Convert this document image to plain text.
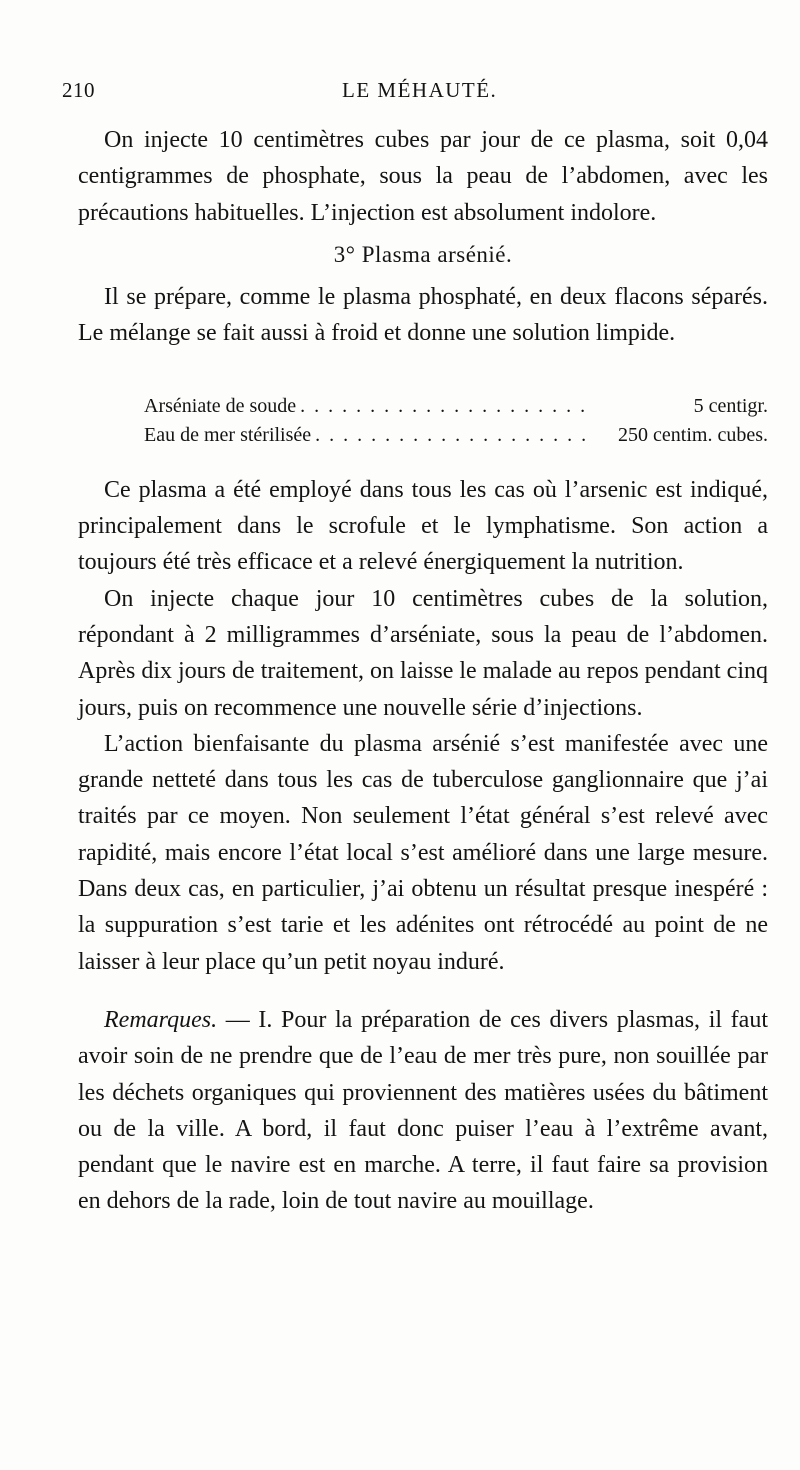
210	LE MÉHAUTÉ.

On injecte 10 centimètres cubes par jour de ce plasma, soit 0,04 centigrammes de phosphate, sous la peau de l’abdomen, avec les précautions habituelles. L’injection est absolument indolore.

3° Plasma arsénié.

Il se prépare, comme le plasma phosphaté, en deux flacons séparés. Le mélange se fait aussi à froid et donne une solution limpide.

Arséniate de soude . . .	5 centigr.
Eau de mer stérilisée . . .	250 centim. cubes.

Ce plasma a été employé dans tous les cas où l’arsenic est indiqué, principalement dans le scrofule et le lymphatisme. Son action a toujours été très efficace et a relevé énergiquement la nutrition.

On injecte chaque jour 10 centimètres cubes de la solution, répondant à 2 milligrammes d’arséniate, sous la peau de l’abdomen. Après dix jours de traitement, on laisse le malade au repos pendant cinq jours, puis on recommence une nouvelle série d’injections.

L’action bienfaisante du plasma arsénié s’est manifestée avec une grande netteté dans tous les cas de tuberculose ganglionnaire que j’ai traités par ce moyen. Non seulement l’état général s’est relevé avec rapidité, mais encore l’état local s’est amélioré dans une large mesure. Dans deux cas, en particulier, j’ai obtenu un résultat presque inespéré : la suppuration s’est tarie et les adénites ont rétrocédé au point de ne laisser à leur place qu’un petit noyau induré.

Remarques. — I. Pour la préparation de ces divers plasmas, il faut avoir soin de ne prendre que de l’eau de mer très pure, non souillée par les déchets organiques qui proviennent des matières usées du bâtiment ou de la ville. A bord, il faut donc puiser l’eau à l’extrême avant, pendant que le navire est en marche. A terre, il faut faire sa provision en dehors de la rade, loin de tout navire au mouillage.
